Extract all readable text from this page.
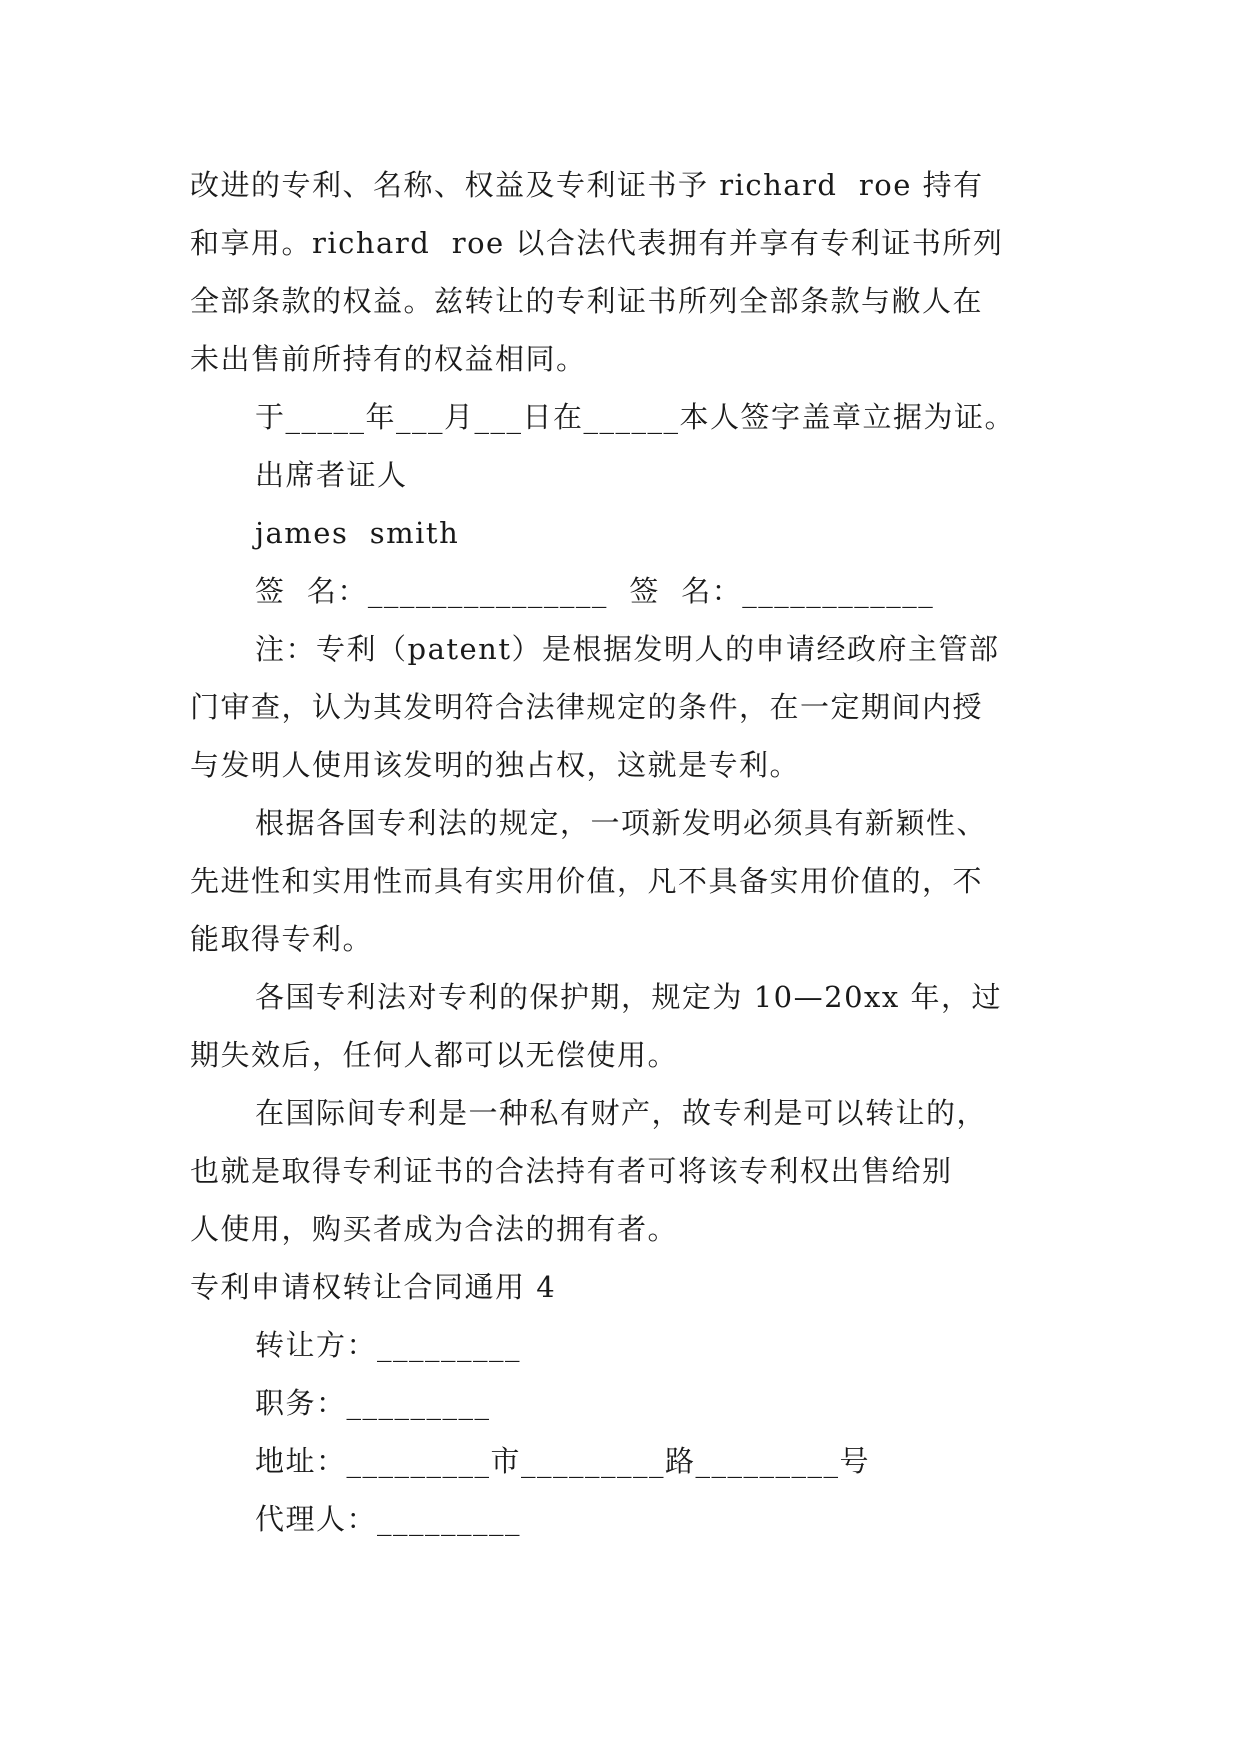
改进的专利、名称、权益及专利证书予 richard  roe 持有
和享用。richard  roe 以合法代表拥有并享有专利证书所列
全部条款的权益。兹转让的专利证书所列全部条款与敝人在
未出售前所持有的权益相同。
于_____年___月___日在______本人签字盖章立据为证。
出席者证人
james  smith
签  名：_______________  签  名：____________
注：专利（patent）是根据发明人的申请经政府主管部
门审查，认为其发明符合法律规定的条件，在一定期间内授
与发明人使用该发明的独占权，这就是专利。
根据各国专利法的规定，一项新发明必须具有新颖性、
先进性和实用性而具有实用价值，凡不具备实用价值的，不
能取得专利。
各国专利法对专利的保护期，规定为 10—20xx 年，过
期失效后，任何人都可以无偿使用。
在国际间专利是一种私有财产，故专利是可以转让的，
也就是取得专利证书的合法持有者可将该专利权出售给别
人使用，购买者成为合法的拥有者。
专利申请权转让合同通用 4
转让方：_________
职务：_________
地址：_________市_________路_________号
代理人：_________
